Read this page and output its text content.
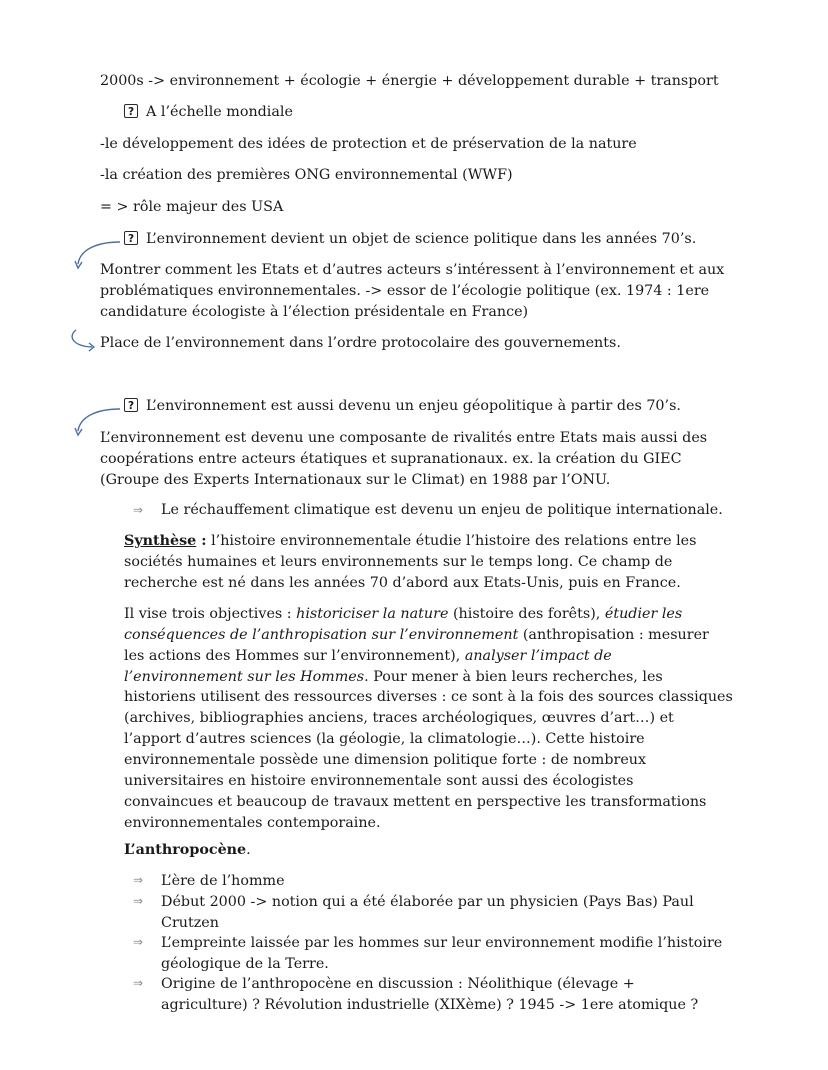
2000s -> environnement + écologie + énergie + développement durable + transport
? A l’échelle mondiale
-le développement des idées de protection et de préservation de la nature
-la création des premières ONG environnemental (WWF)
= > rôle majeur des USA
? L’environnement devient un objet de science politique dans les années 70’s.
Montrer comment les Etats et d’autres acteurs s’intéressent à l’environnement et aux
problématiques environnementales. -> essor de l’écologie politique (ex. 1974 : 1ere
candidature écologiste à l’élection présidentale en France)
Place de l’environnement dans l’ordre protocolaire des gouvernements.
? L’environnement est aussi devenu un enjeu géopolitique à partir des 70’s.
L’environnement est devenu une composante de rivalités entre Etats mais aussi des
coopérations entre acteurs étatiques et supranationaux. ex. la création du GIEC
(Groupe des Experts Internationaux sur le Climat) en 1988 par l’ONU.
⇒ Le réchauffement climatique est devenu un enjeu de politique internationale.
Synthèse : l’histoire environnementale étudie l’histoire des relations entre les
sociétés humaines et leurs environnements sur le temps long. Ce champ de
recherche est né dans les années 70 d’abord aux Etats-Unis, puis en France.
Il vise trois objectives : historiciser la nature (histoire des forêts), étudier les
conséquences de l’anthropisation sur l’environnement (anthropisation : mesurer
les actions des Hommes sur l’environnement), analyser l’impact de
l’environnement sur les Hommes. Pour mener à bien leurs recherches, les
historiens utilisent des ressources diverses : ce sont à la fois des sources classiques
(archives, bibliographies anciens, traces archéologiques, œuvres d’art…) et
l’apport d’autres sciences (la géologie, la climatologie…). Cette histoire
environnementale possède une dimension politique forte : de nombreux
universitaires en histoire environnementale sont aussi des écologistes
convaincues et beaucoup de travaux mettent en perspective les transformations
environnementales contemporaine.
L’anthropocène.
⇒	L’ère de l’homme
⇒	Début 2000 -> notion qui a été élaborée par un physicien (Pays Bas) Paul
Crutzen
⇒	L’empreinte laissée par les hommes sur leur environnement modifie l’histoire
géologique de la Terre.
⇒	Origine de l’anthropocène en discussion : Néolithique (élevage +
agriculture) ? Révolution industrielle (XIXème) ? 1945 -> 1ere atomique ?
